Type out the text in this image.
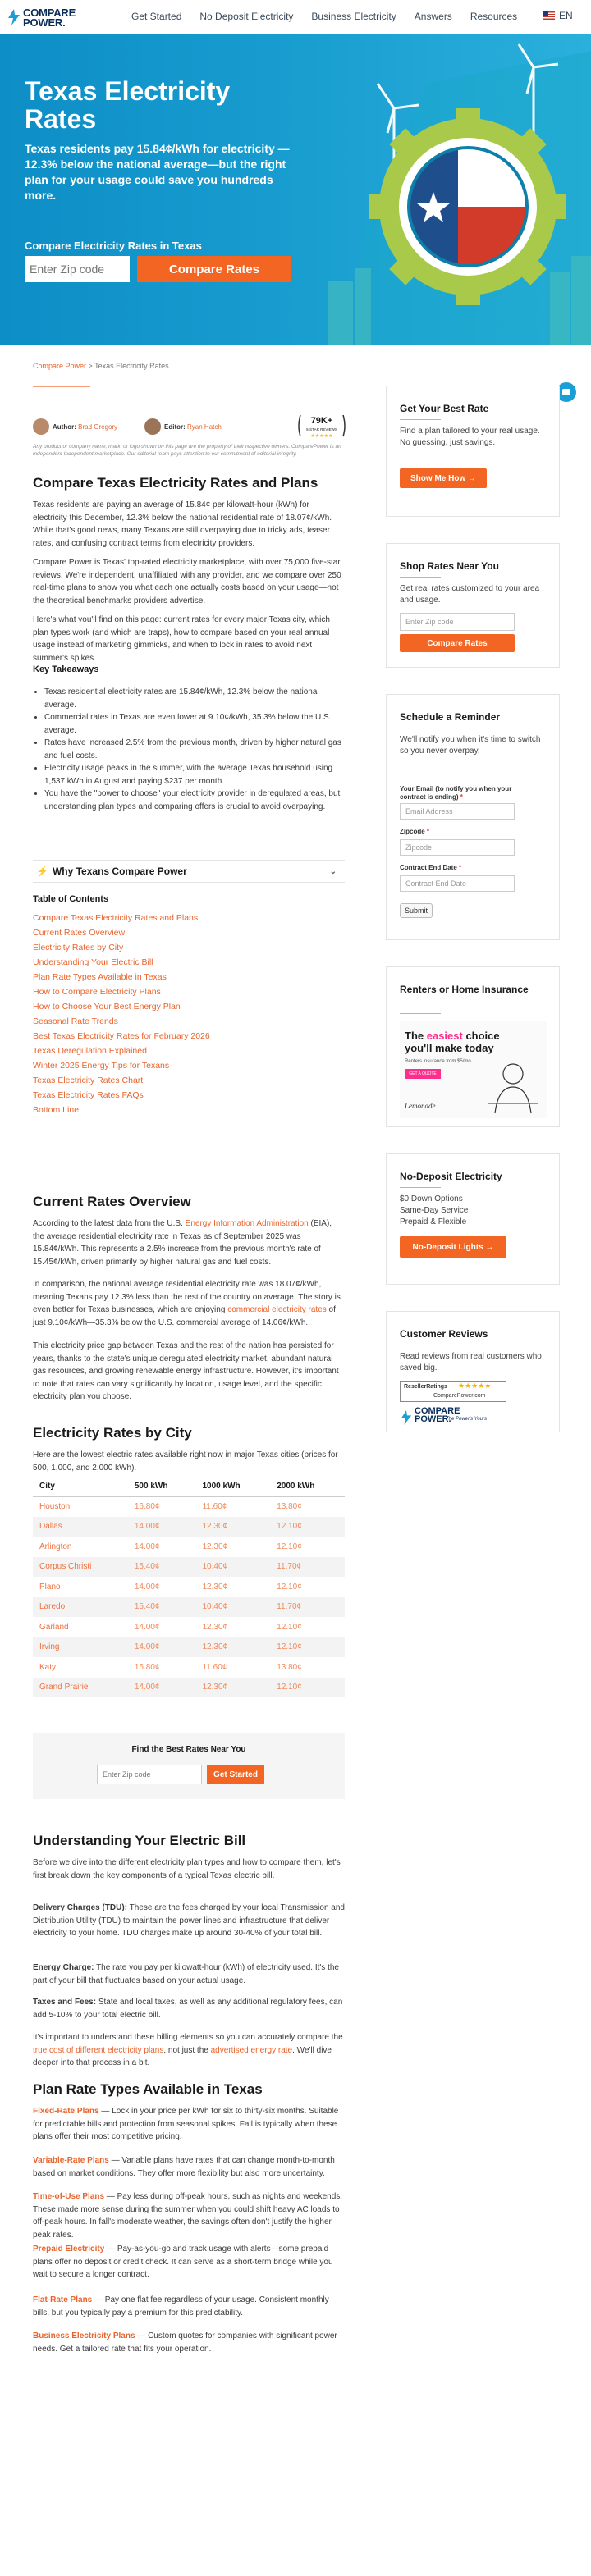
COMPARE
POWER.	Get Started No Deposit Electricity Business Electricity Answers Resources	EN
Texas Electricity Rates
Texas residents pay 15.84¢/kWh for electricity —12.3% below the national average—but the right plan for your usage could save you hundreds more.
Compare Electricity Rates in Texas
Enter Zip code
Compare Rates
Compare Power > Texas Electricity Rates
Author: Brad Gregory	Editor: Ryan Hatch
79K+
5-STAR REVIEWS
★★★★★
Any product or company name, mark, or logo shown on this page are the property of their respective owners. ComparePower is an independent Independent marketplace. Our editorial team pays attention to our commitment of editorial integrity.
Compare Texas Electricity Rates and Plans

Texas residents are paying an average of 15.84¢ per kilowatt-hour (kWh) for electricity this December, 12.3% below the national residential rate of 18.07¢/kWh. While that's good news, many Texans are still overpaying due to tricky ads, teaser rates, and confusing contract terms from electricity providers.

Compare Power is Texas' top-rated electricity marketplace, with over 75,000 five-star reviews. We're independent, unaffiliated with any provider, and we compare over 250 real-time plans to show you what each one actually costs based on your usage—not the theoretical benchmarks providers advertise.

Here's what you'll find on this page: current rates for every major Texas city, which plan types work (and which are traps), how to compare based on your real annual usage instead of marketing gimmicks, and when to lock in rates to avoid next summer's spikes.

Key Takeaways
• Texas residential electricity rates are 15.84¢/kWh, 12.3% below the national average.
• Commercial rates in Texas are even lower at 9.10¢/kWh, 35.3% below the U.S. average.
• Rates have increased 2.5% from the previous month, driven by higher natural gas and fuel costs.
• Electricity usage peaks in the summer, with the average Texas household using 1,537 kWh in August and paying $237 per month.
• You have the "power to choose" your electricity provider in deregulated areas, but understanding plan types and comparing offers is crucial to avoid overpaying.
⚡ Why Texans Compare Power	⌄
Table of Contents
Compare Texas Electricity Rates and Plans
Current Rates Overview
Electricity Rates by City
Understanding Your Electric Bill
Plan Rate Types Available in Texas
How to Compare Electricity Plans
How to Choose Your Best Energy Plan
Seasonal Rate Trends
Best Texas Electricity Rates for February 2026
Texas Deregulation Explained
Winter 2025 Energy Tips for Texans
Texas Electricity Rates Chart
Texas Electricity Rates FAQs
Bottom Line
Current Rates Overview

According to the latest data from the U.S. Energy Information Administration (EIA), the average residential electricity rate in Texas as of September 2025 was 15.84¢/kWh. This represents a 2.5% increase from the previous month's rate of 15.45¢/kWh, driven primarily by higher natural gas and fuel costs.

In comparison, the national average residential electricity rate was 18.07¢/kWh, meaning Texans pay 12.3% less than the rest of the country on average. The story is even better for Texas businesses, which are enjoying commercial electricity rates of just 9.10¢/kWh—35.3% below the U.S. commercial average of 14.06¢/kWh.

This electricity price gap between Texas and the rest of the nation has persisted for years, thanks to the state's unique deregulated electricity market, abundant natural gas resources, and growing renewable energy infrastructure. However, it's important to note that rates can vary significantly by location, usage level, and the specific electricity plan you choose.

Electricity Rates by City

Here are the lowest electric rates available right now in major Texas cities (prices for 500, 1,000, and 2,000 kWh).

City	500 kWh	1000 kWh	2000 kWh
Houston	16.80¢	11.60¢	13.80¢
Dallas	14.00¢	12.30¢	12.10¢
Arlington	14.00¢	12.30¢	12.10¢
Corpus Christi	15.40¢	10.40¢	11.70¢
Plano	14.00¢	12.30¢	12.10¢
Laredo	15.40¢	10.40¢	11.70¢
Garland	14.00¢	12.30¢	12.10¢
Irving	14.00¢	12.30¢	12.10¢
Katy	16.80¢	11.60¢	13.80¢
Grand Prairie	14.00¢	12.30¢	12.10¢
Find the Best Rates Near You
Enter Zip code
Get Started
Understanding Your Electric Bill

Before we dive into the different electricity plan types and how to compare them, let's first break down the key components of a typical Texas electric bill.

Delivery Charges (TDU): These are the fees charged by your local Transmission and Distribution Utility (TDU) to maintain the power lines and infrastructure that deliver electricity to your home. TDU charges make up around 30-40% of your total bill.

Energy Charge: The rate you pay per kilowatt-hour (kWh) of electricity used. It's the part of your bill that fluctuates based on your actual usage.

Taxes and Fees: State and local taxes, as well as any additional regulatory fees, can add 5-10% to your total electric bill.

It's important to understand these billing elements so you can accurately compare the true cost of different electricity plans, not just the advertised energy rate. We'll dive deeper into that process in a bit.

Plan Rate Types Available in Texas

Fixed-Rate Plans — Lock in your price per kWh for six to thirty-six months. Suitable for predictable bills and protection from seasonal spikes. Fall is typically when these plans offer their most competitive pricing.

Variable-Rate Plans — Variable plans have rates that can change month-to-month based on market conditions. They offer more flexibility but also more uncertainty.

Time-of-Use Plans — Pay less during off-peak hours, such as nights and weekends. These made more sense during the summer when you could shift heavy AC loads to off-peak hours. In fall's moderate weather, the savings often don't justify the higher peak rates.

Prepaid Electricity — Pay-as-you-go and track usage with alerts—some prepaid plans offer no deposit or credit check. It can serve as a short-term bridge while you wait to secure a longer contract.

Flat-Rate Plans — Pay one flat fee regardless of your usage. Consistent monthly bills, but you typically pay a premium for this predictability.

Business Electricity Plans — Custom quotes for companies with significant power needs. Get a tailored rate that fits your operation.

Get Your Best Rate
Find a plan tailored to your real usage. No guessing, just savings.
Show Me How →
Shop Rates Near You
Get real rates customized to your area and usage.
Enter Zip code
Compare Rates
Schedule a Reminder
We'll notify you when it's time to switch so you never overpay.
Your Email (to notify you when your contract is ending) *
Email Address
Zipcode *
Zipcode
Contract End Date *
Contract End Date
Submit
Renters or Home Insurance
The easiest choice
you'll make today
Renters insurance from $5/mo
GET A QUOTE
Lemonade
No-Deposit Electricity
$0 Down Options
Same-Day Service
Prepaid & Flexible
No-Deposit Lights →
Customer Reviews
Read reviews from real customers who saved big.
ResellerRatings ★★★★★
ComparePower.com
COMPARE
POWER.
The Power's Yours
